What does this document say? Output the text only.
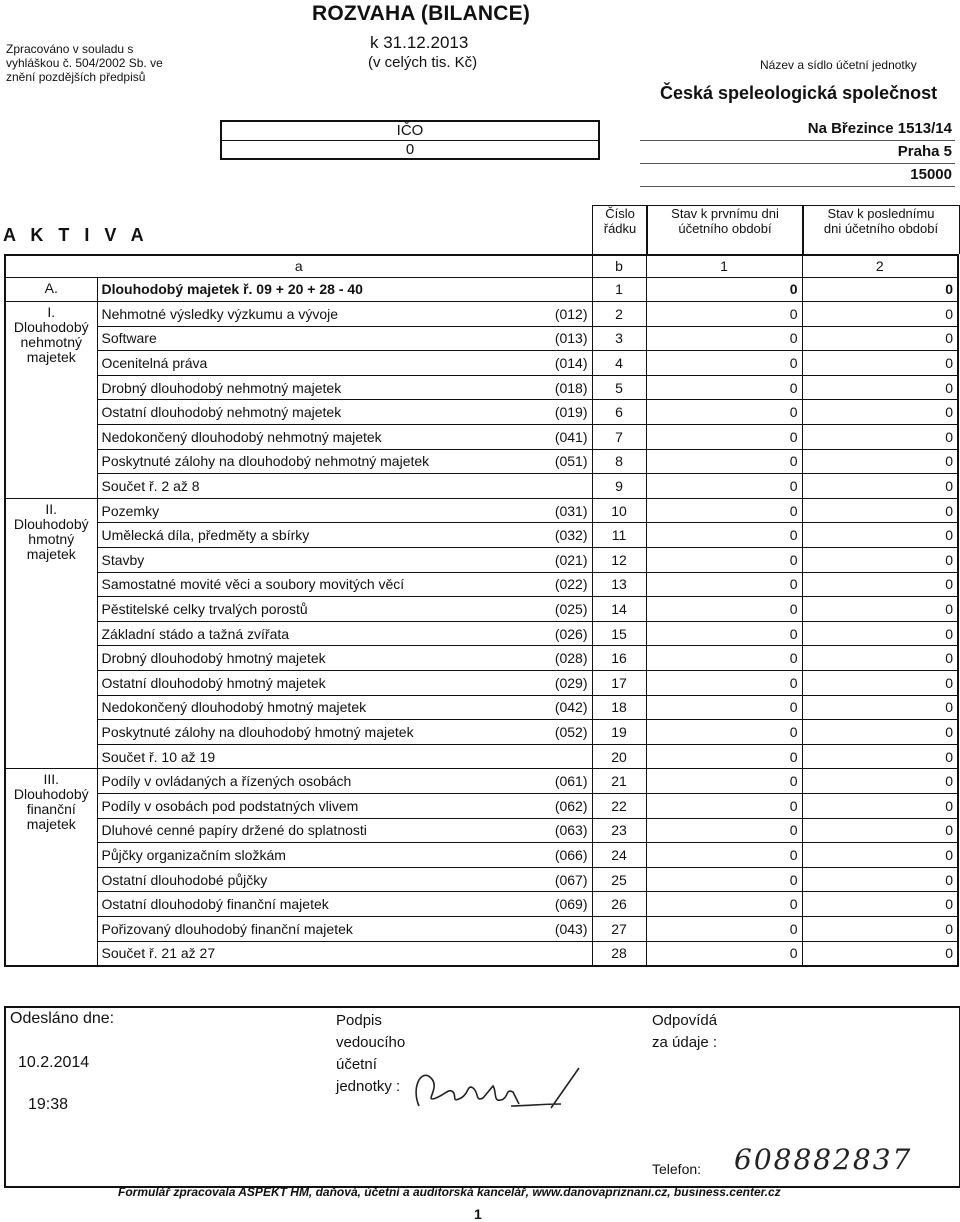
Zpracováno v souladu s
vyhláškou č. 504/2002 Sb. ve
znění pozdějších předpisů
ROZVAHA (BILANCE)
k 31.12.2013
(v celých tis. Kč)	Název a sídlo účetní jednotky
Česká speleologická společnost
IČO
0
Na Březince 1513/14
Praha 5
15000
A K T I V A
Číslo
řádku
Stav k prvnímu dni
účetního období
Stav k poslednímu
dni účetního období
a			b	1	2

A.	Dlouhodobý majetek ř. 09 + 20 + 28 - 40		1	0	0

I.
Dlouhodobý nehmotný majetek	Nehmotné výsledky výzkumu a vývoje	(012)	2	0	0
	Software	(013)	3	0	0
	Ocenitelná práva	(014)	4	0	0
	Drobný dlouhodobý nehmotný majetek	(018)	5	0	0
	Ostatní dlouhodobý nehmotný majetek	(019)	6	0	0
	Nedokončený dlouhodobý nehmotný majetek	(041)	7	0	0
	Poskytnuté zálohy na dlouhodobý nehmotný majetek	(051)	8	0	0
	Součet ř. 2 až 8		9	0	0

II.
Dlouhodobý hmotný majetek	Pozemky	(031)	10	0	0
	Umělecká díla, předměty a sbírky	(032)	11	0	0
	Stavby	(021)	12	0	0
	Samostatné movité věci a soubory movitých věcí	(022)	13	0	0
	Pěstitelské celky trvalých porostů	(025)	14	0	0
	Základní stádo a tažná zvířata	(026)	15	0	0
	Drobný dlouhodobý hmotný majetek	(028)	16	0	0
	Ostatní dlouhodobý hmotný majetek	(029)	17	0	0
	Nedokončený dlouhodobý hmotný majetek	(042)	18	0	0
	Poskytnuté zálohy na dlouhodobý hmotný majetek	(052)	19	0	0
	Součet ř. 10 až 19		20	0	0

III.
Dlouhodobý finanční majetek	Podíly v ovládaných a řízených osobách	(061)	21	0	0
	Podíly v osobách pod podstatných vlivem	(062)	22	0	0
	Dluhové cenné papíry držené do splatnosti	(063)	23	0	0
	Půjčky organizačním složkám	(066)	24	0	0
	Ostatní dlouhodobé půjčky	(067)	25	0	0
	Ostatní dlouhodobý finanční majetek	(069)	26	0	0
	Pořizovaný dlouhodobý finanční majetek	(043)	27	0	0
	Součet ř. 21 až 27		28	0	0
Odesláno dne:
10.2.2014
19:38
Podpis
vedoucího
účetní
jednotky :
Odpovídá
za údaje :
Telefon: 608882837
Formulář zpracovala ASPEKT HM, daňová, účetní a auditorská kancelář, www.danovapriznani.cz, business.center.cz
1
